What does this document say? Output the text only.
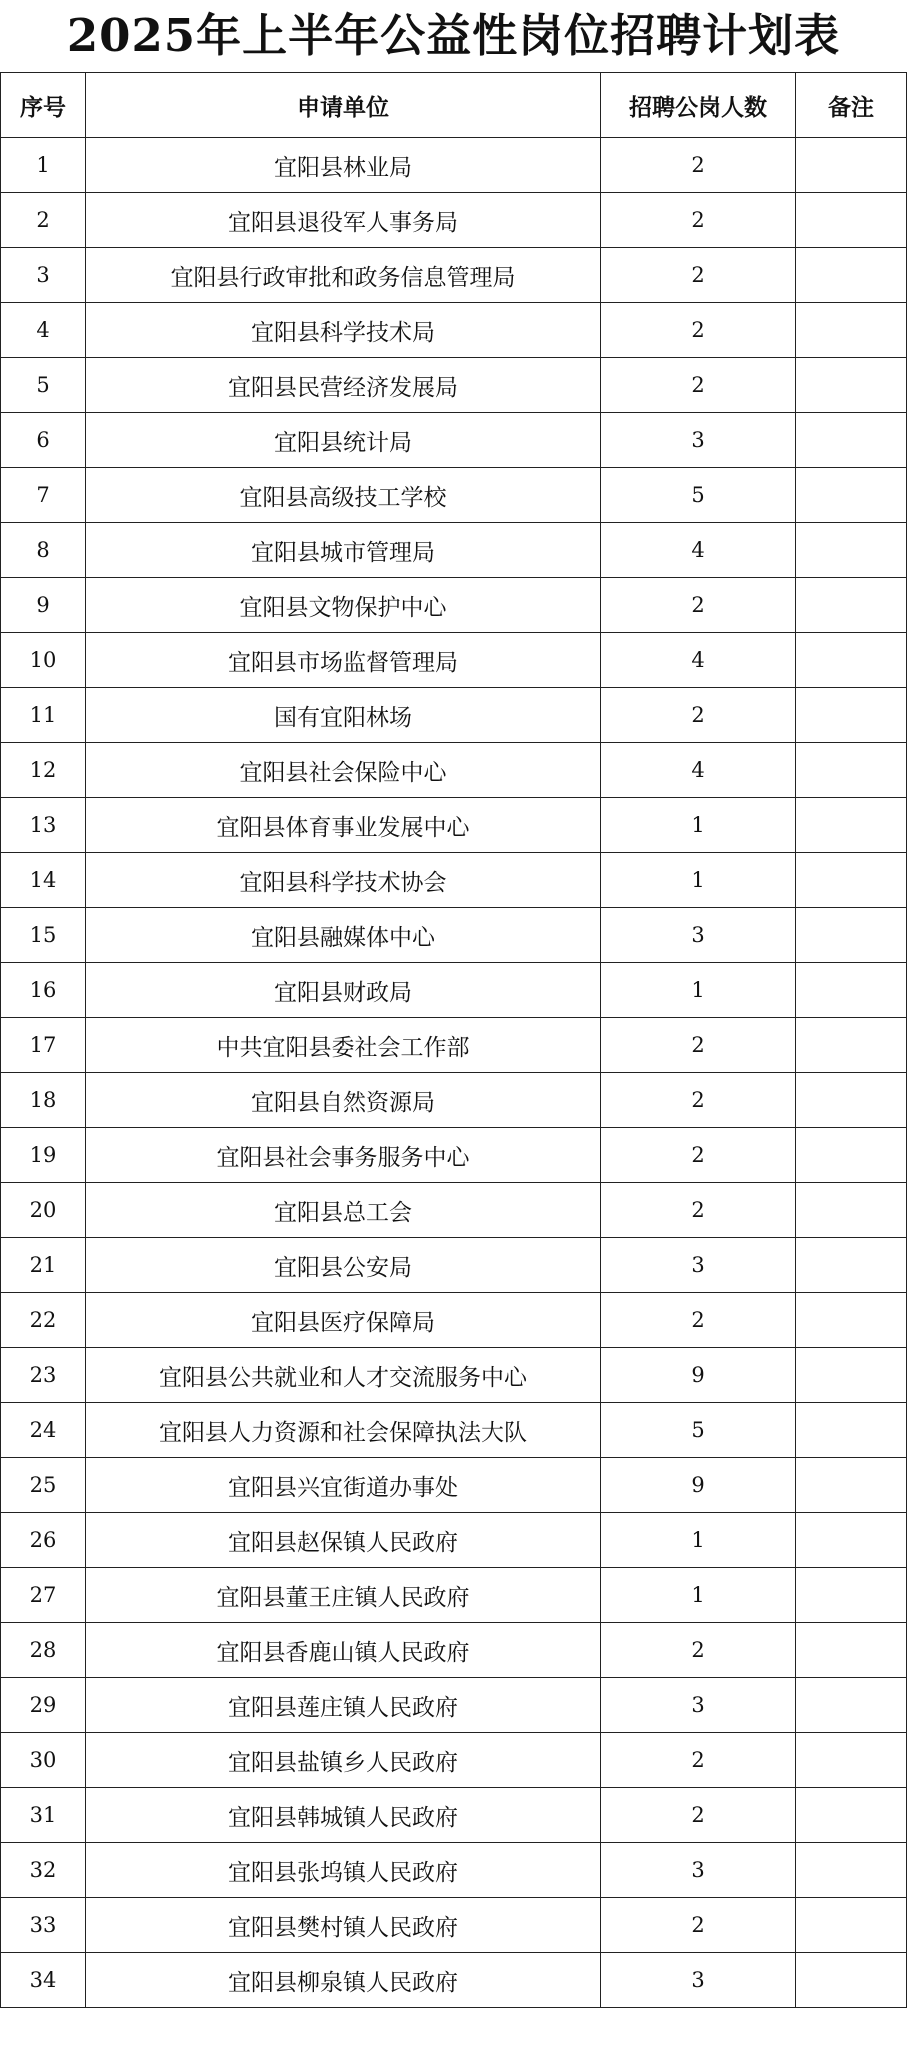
2025年上半年公益性岗位招聘计划表
序号	申请单位	招聘公岗人数	备注
1	宜阳县林业局	2	
2	宜阳县退役军人事务局	2	
3	宜阳县行政审批和政务信息管理局	2	
4	宜阳县科学技术局	2	
5	宜阳县民营经济发展局	2	
6	宜阳县统计局	3	
7	宜阳县高级技工学校	5	
8	宜阳县城市管理局	4	
9	宜阳县文物保护中心	2	
10	宜阳县市场监督管理局	4	
11	国有宜阳林场	2	
12	宜阳县社会保险中心	4	
13	宜阳县体育事业发展中心	1	
14	宜阳县科学技术协会	1	
15	宜阳县融媒体中心	3	
16	宜阳县财政局	1	
17	中共宜阳县委社会工作部	2	
18	宜阳县自然资源局	2	
19	宜阳县社会事务服务中心	2	
20	宜阳县总工会	2	
21	宜阳县公安局	3	
22	宜阳县医疗保障局	2	
23	宜阳县公共就业和人才交流服务中心	9	
24	宜阳县人力资源和社会保障执法大队	5	
25	宜阳县兴宜街道办事处	9	
26	宜阳县赵保镇人民政府	1	
27	宜阳县董王庄镇人民政府	1	
28	宜阳县香鹿山镇人民政府	2	
29	宜阳县莲庄镇人民政府	3	
30	宜阳县盐镇乡人民政府	2	
31	宜阳县韩城镇人民政府	2	
32	宜阳县张坞镇人民政府	3	
33	宜阳县樊村镇人民政府	2	
34	宜阳县柳泉镇人民政府	3	
